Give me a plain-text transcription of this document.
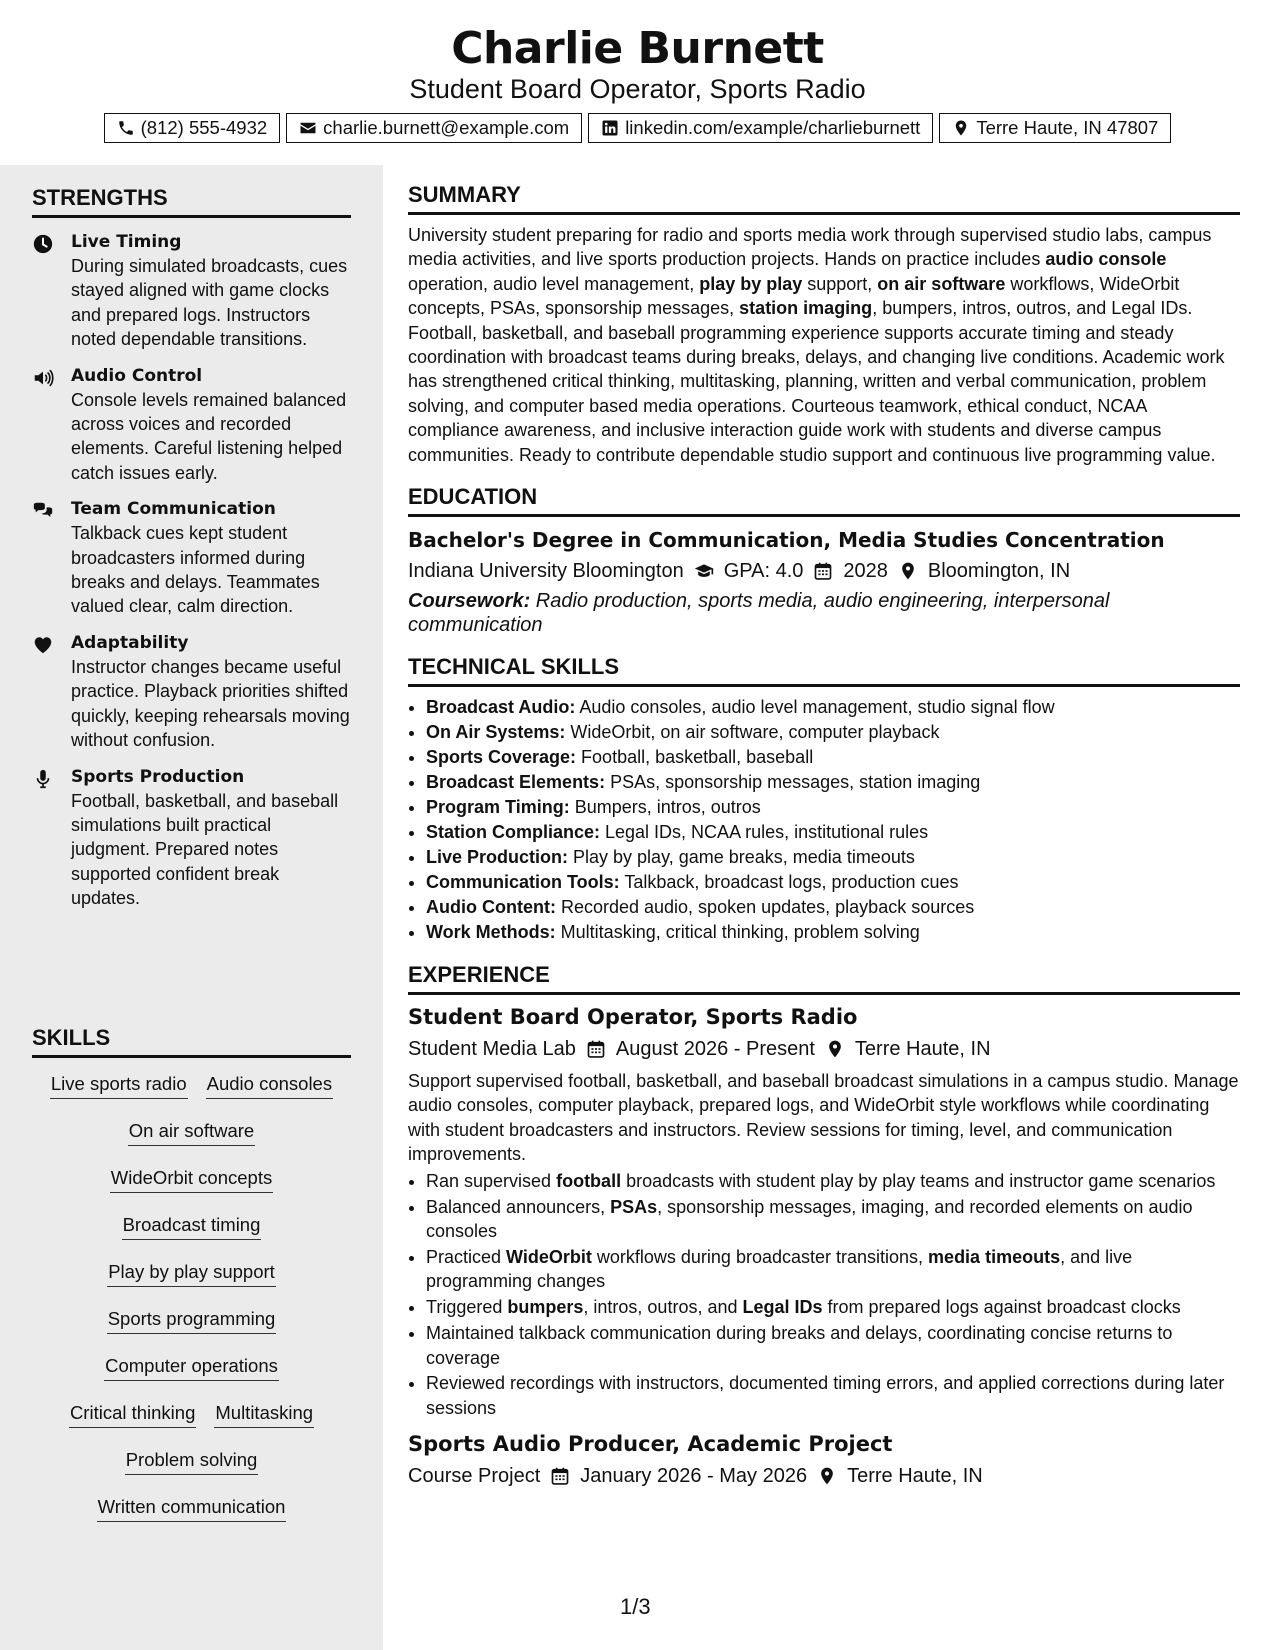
Charlie Burnett
Student Board Operator, Sports Radio
(812) 555-4932	charlie.burnett@example.com	linkedin.com/example/charlieburnett	Terre Haute, IN 47807
STRENGTHS
Live Timing
During simulated broadcasts, cues stayed aligned with game clocks and prepared logs. Instructors noted dependable transitions.
Audio Control
Console levels remained balanced across voices and recorded elements. Careful listening helped catch issues early.
Team Communication
Talkback cues kept student broadcasters informed during breaks and delays. Teammates valued clear, calm direction.
Adaptability
Instructor changes became useful practice. Playback priorities shifted quickly, keeping rehearsals moving without confusion.
Sports Production
Football, basketball, and baseball simulations built practical judgment. Prepared notes supported confident break updates.
SKILLS
Live sports radio Audio consoles
On air software
WideOrbit concepts
Broadcast timing
Play by play support
Sports programming
Computer operations
Critical thinking Multitasking
Problem solving
Written communication
SUMMARY
University student preparing for radio and sports media work through supervised studio labs, campus media activities, and live sports production projects. Hands on practice includes audio console operation, audio level management, play by play support, on air software workflows, WideOrbit concepts, PSAs, sponsorship messages, station imaging, bumpers, intros, outros, and Legal IDs. Football, basketball, and baseball programming experience supports accurate timing and steady coordination with broadcast teams during breaks, delays, and changing live conditions. Academic work has strengthened critical thinking, multitasking, planning, written and verbal communication, problem solving, and computer based media operations. Courteous teamwork, ethical conduct, NCAA compliance awareness, and inclusive interaction guide work with students and diverse campus communities. Ready to contribute dependable studio support and continuous live programming value.
EDUCATION
Bachelor's Degree in Communication, Media Studies Concentration
Indiana University Bloomington GPA: 4.0 2028 Bloomington, IN
Coursework: Radio production, sports media, audio engineering, interpersonal communication
TECHNICAL SKILLS
• Broadcast Audio: Audio consoles, audio level management, studio signal flow
• On Air Systems: WideOrbit, on air software, computer playback
• Sports Coverage: Football, basketball, baseball
• Broadcast Elements: PSAs, sponsorship messages, station imaging
• Program Timing: Bumpers, intros, outros
• Station Compliance: Legal IDs, NCAA rules, institutional rules
• Live Production: Play by play, game breaks, media timeouts
• Communication Tools: Talkback, broadcast logs, production cues
• Audio Content: Recorded audio, spoken updates, playback sources
• Work Methods: Multitasking, critical thinking, problem solving
EXPERIENCE
Student Board Operator, Sports Radio
Student Media Lab August 2026 - Present Terre Haute, IN
Support supervised football, basketball, and baseball broadcast simulations in a campus studio. Manage audio consoles, computer playback, prepared logs, and WideOrbit style workflows while coordinating with student broadcasters and instructors. Review sessions for timing, level, and communication improvements.
• Ran supervised football broadcasts with student play by play teams and instructor game scenarios
• Balanced announcers, PSAs, sponsorship messages, imaging, and recorded elements on audio consoles
• Practiced WideOrbit workflows during broadcaster transitions, media timeouts, and live programming changes
• Triggered bumpers, intros, outros, and Legal IDs from prepared logs against broadcast clocks
• Maintained talkback communication during breaks and delays, coordinating concise returns to coverage
• Reviewed recordings with instructors, documented timing errors, and applied corrections during later sessions
Sports Audio Producer, Academic Project
Course Project January 2026 - May 2026 Terre Haute, IN
1/3
